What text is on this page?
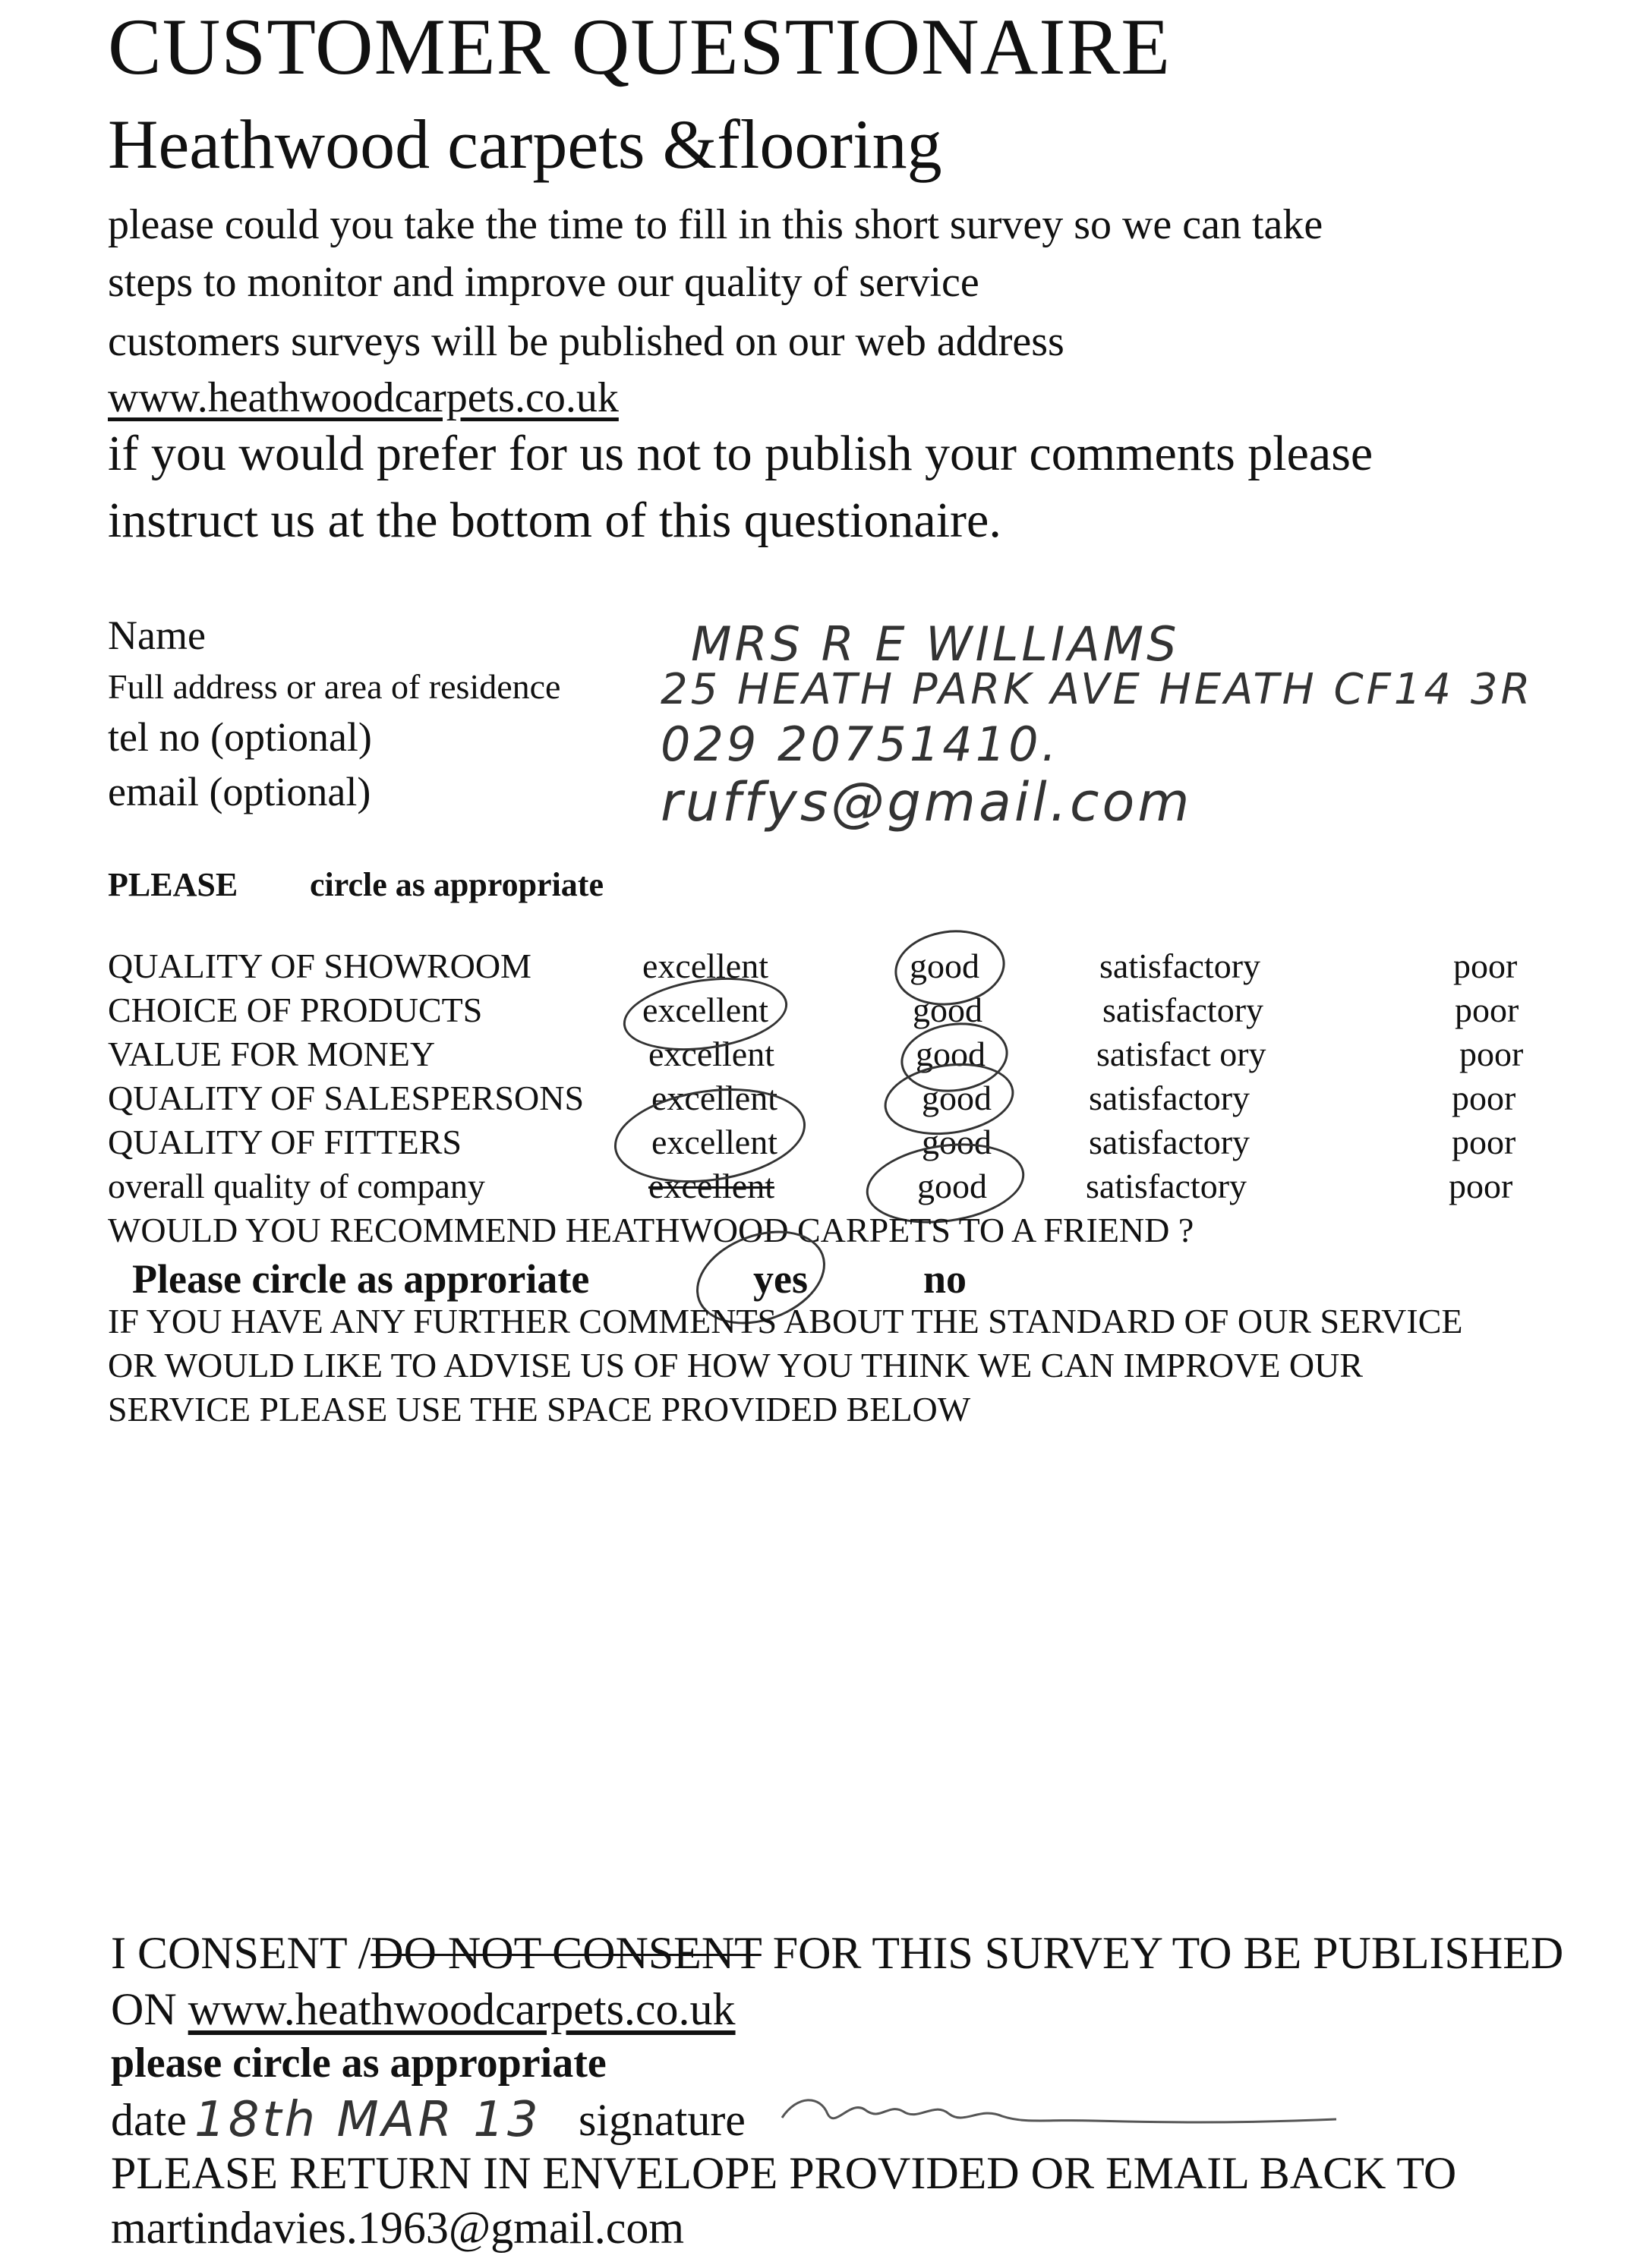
CUSTOMER QUESTIONAIRE
Heathwood carpets &flooring
please could you take the time to fill in this short survey so we can take
steps to monitor and improve our quality of service
customers surveys will be published on our web address
www.heathwoodcarpets.co.uk
if you would prefer for us not to publish your comments please
instruct us at the bottom of this questionaire.
Name	MRS R E WILLIAMS
Full address or area of residence 25 HEATH PARK AVE HEATH CF14 3R
tel no (optional)	029 20751410.
email (optional)	ruffys@gmail.com
PLEASE circle as appropriate
QUALITY OF SHOWROOM	excellent	good	satisfactory	poor
CHOICE OF PRODUCTS	excellent	good	satisfactory	poor
VALUE FOR MONEY	excellent	good	satisfact ory	poor
QUALITY OF SALESPERSONS excellent	good	satisfactory	poor
QUALITY OF FITTERS	excellent	good	satisfactory	poor
overall quality of company	excellent	good	satisfactory	poor
WOULD YOU RECOMMEND HEATHWOOD CARPETS TO A FRIEND ?
Please circle as approriate	yes	no
IF YOU HAVE ANY FURTHER COMMENTS ABOUT THE STANDARD OF OUR SERVICE
OR WOULD LIKE TO ADVISE US OF HOW YOU THINK WE CAN IMPROVE OUR
SERVICE PLEASE USE THE SPACE PROVIDED BELOW
I CONSENT /DO NOT CONSENT FOR THIS SURVEY TO BE PUBLISHED
ON www.heathwoodcarpets.co.uk
please circle as appropriate
date 18th MAR 13 signature
PLEASE RETURN IN ENVELOPE PROVIDED OR EMAIL BACK TO
martindavies.1963@gmail.com
